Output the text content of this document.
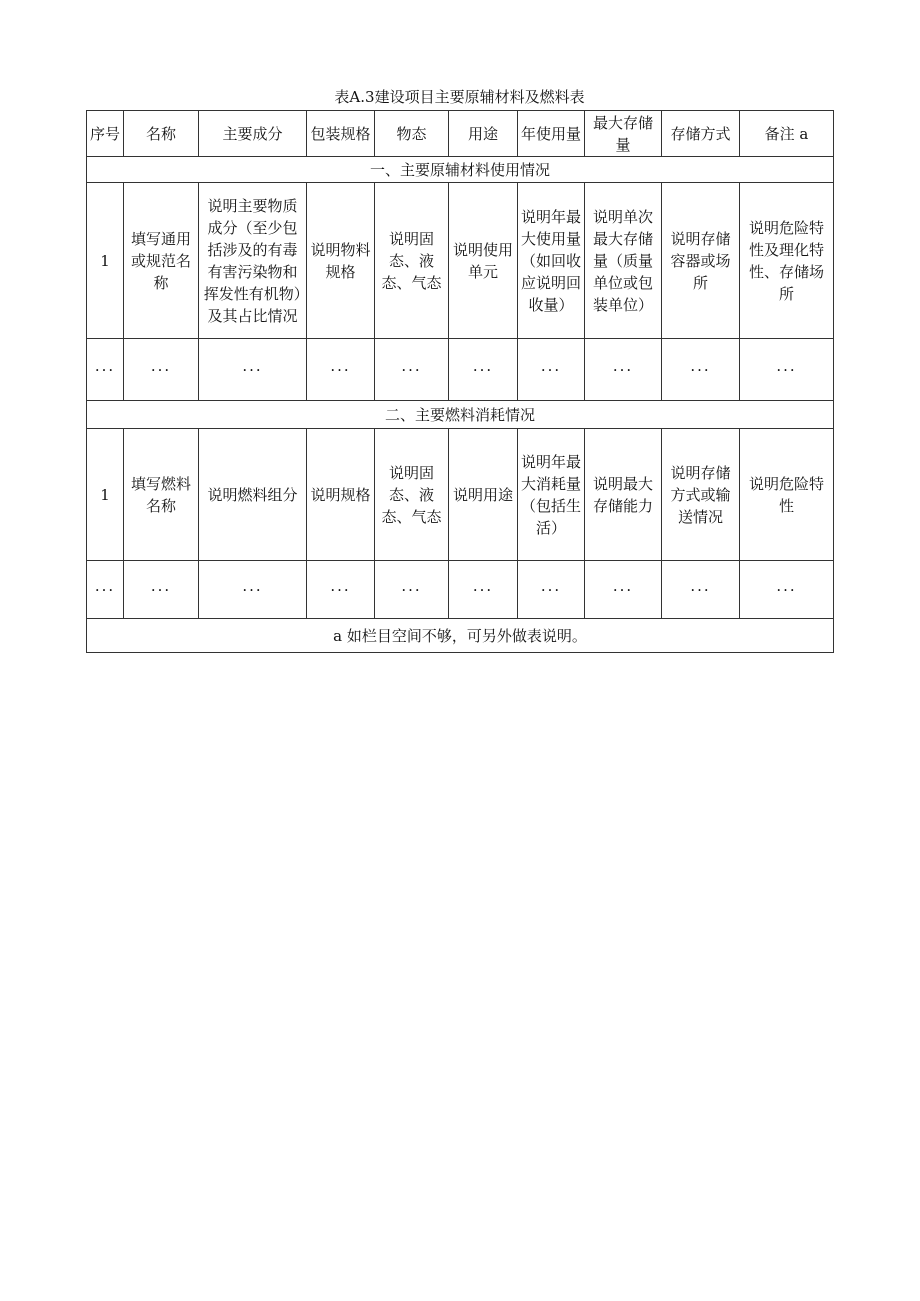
表A.3建设项目主要原辅材料及燃料表
序号	名称	主要成分	包装规格	物态	用途	年使用量	最大存储量	存储方式	备注 a
一、主要原辅材料使用情况									
1	填写通用或规范名称	说明主要物质成分（至少包括涉及的有毒有害污染物和挥发性有机物）及其占比情况	说明物料规格	说明固态、液态、气态	说明使用单元	说明年最大使用量（如回收应说明回收量）	说明单次最大存储量（质量单位或包装单位）	说明存储容器或场所	说明危险特性及理化特性、存储场所
···	···	···	···	···	···	···	···	···	···
二、主要燃料消耗情况									
1	填写燃料名称	说明燃料组分	说明规格	说明固态、液态、气态	说明用途	说明年最大消耗量（包括生活）	说明最大存储能力	说明存储方式或输送情况	说明危险特性
···	···	···	···	···	···	···	···	···	···
a 如栏目空间不够，可另外做表说明。									
